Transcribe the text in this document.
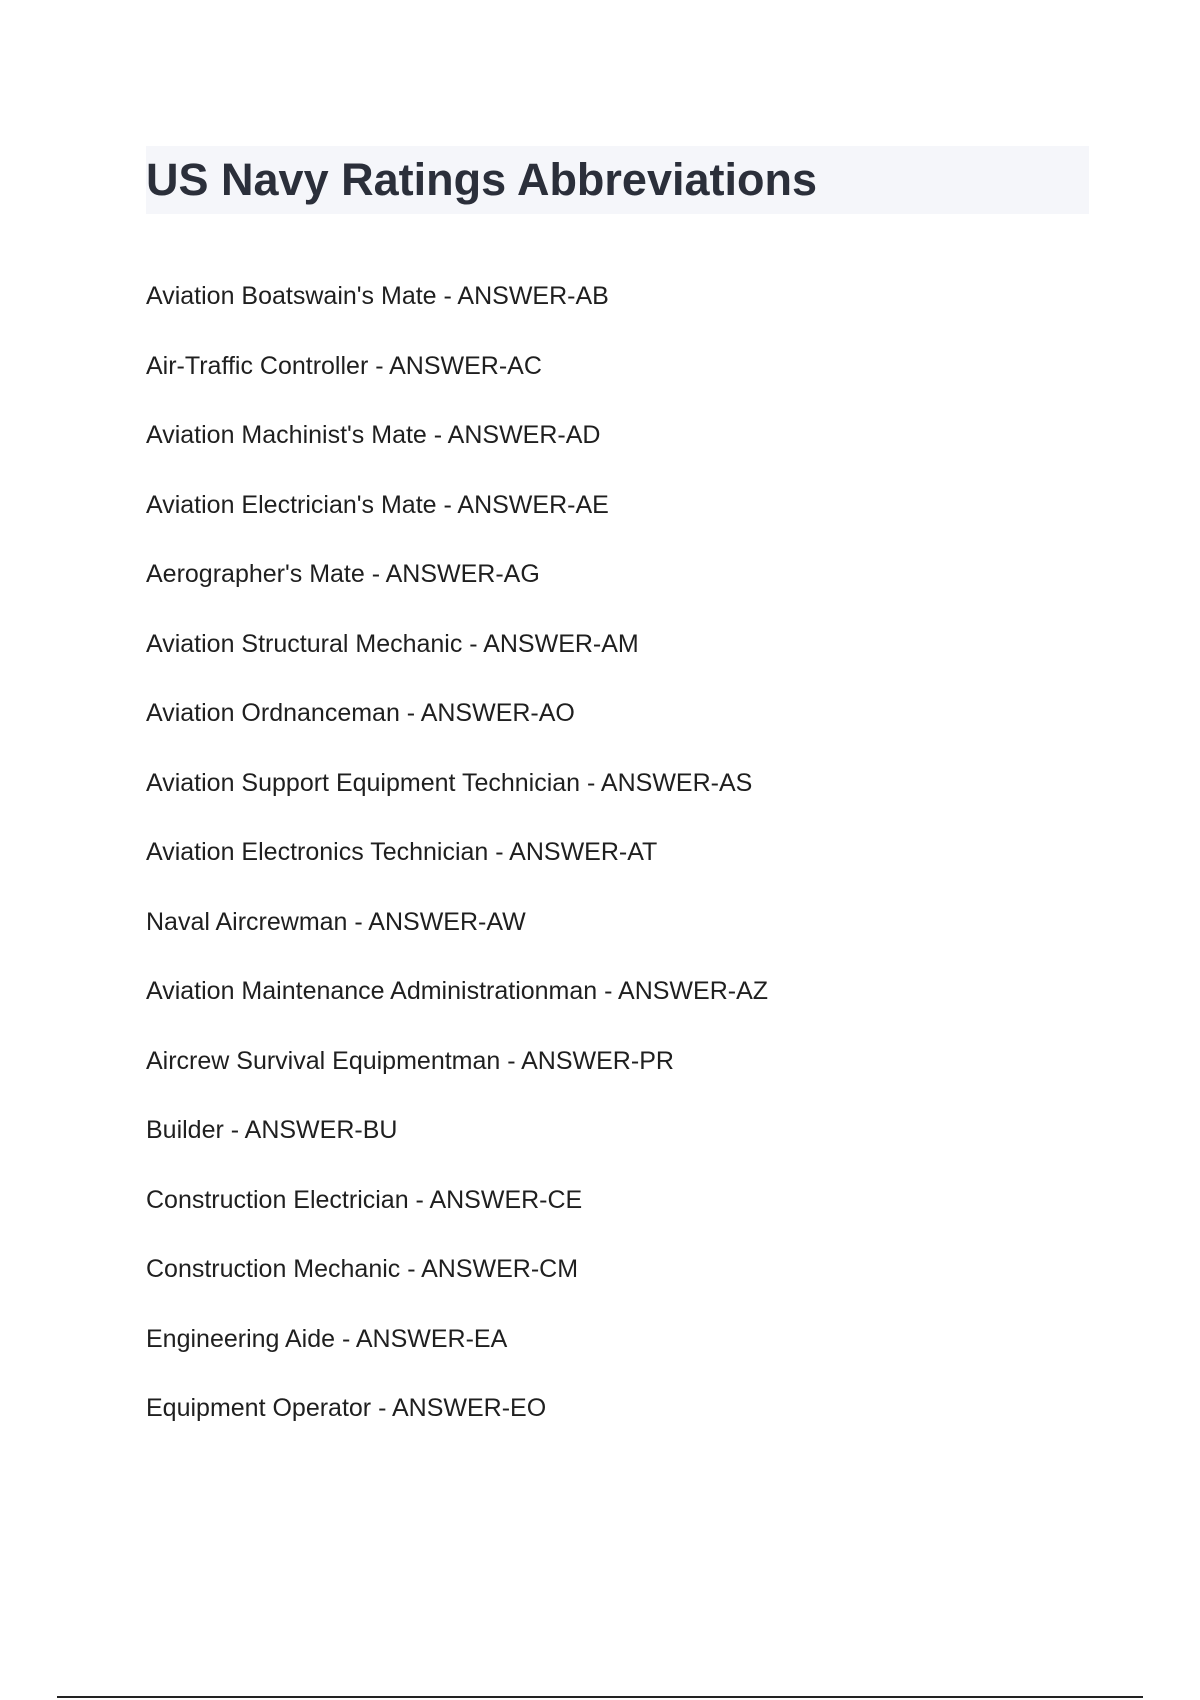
US Navy Ratings Abbreviations
Aviation Boatswain's Mate - ANSWER-AB
Air-Traffic Controller - ANSWER-AC
Aviation Machinist's Mate - ANSWER-AD
Aviation Electrician's Mate - ANSWER-AE
Aerographer's Mate - ANSWER-AG
Aviation Structural Mechanic - ANSWER-AM
Aviation Ordnanceman - ANSWER-AO
Aviation Support Equipment Technician - ANSWER-AS
Aviation Electronics Technician - ANSWER-AT
Naval Aircrewman - ANSWER-AW
Aviation Maintenance Administrationman - ANSWER-AZ
Aircrew Survival Equipmentman - ANSWER-PR
Builder - ANSWER-BU
Construction Electrician - ANSWER-CE
Construction Mechanic - ANSWER-CM
Engineering Aide - ANSWER-EA
Equipment Operator - ANSWER-EO
